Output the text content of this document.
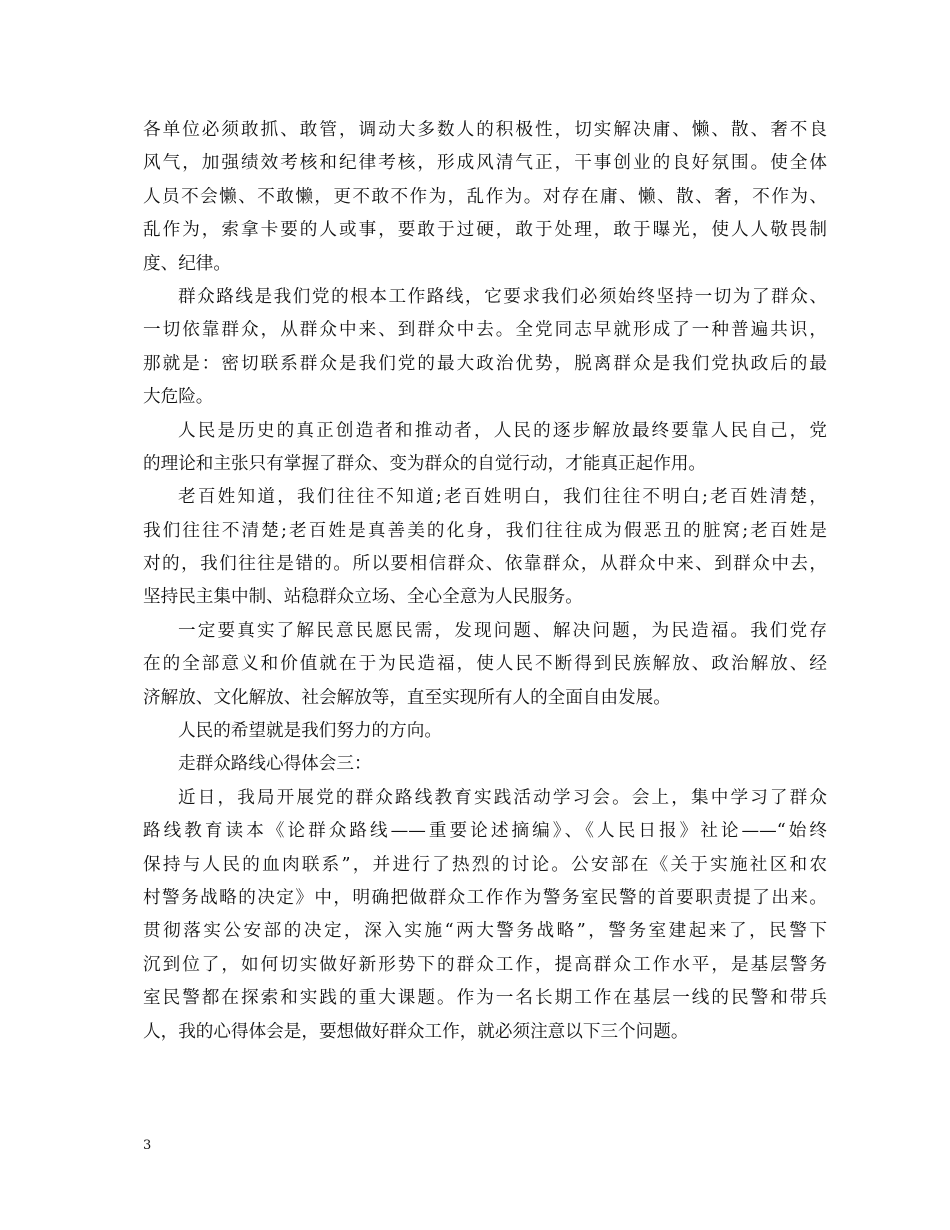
各单位必须敢抓、敢管，调动大多数人的积极性，切实解决庸、懒、散、奢不良
风气，加强绩效考核和纪律考核，形成风清气正，干事创业的良好氛围。使全体
人员不会懒、不敢懒，更不敢不作为，乱作为。对存在庸、懒、散、奢，不作为、
乱作为，索拿卡要的人或事，要敢于过硬，敢于处理，敢于曝光，使人人敬畏制
度、纪律。
群众路线是我们党的根本工作路线，它要求我们必须始终坚持一切为了群众、
一切依靠群众，从群众中来、到群众中去。全党同志早就形成了一种普遍共识，
那就是：密切联系群众是我们党的最大政治优势，脱离群众是我们党执政后的最
大危险。
人民是历史的真正创造者和推动者，人民的逐步解放最终要靠人民自己，党
的理论和主张只有掌握了群众、变为群众的自觉行动，才能真正起作用。
老百姓知道，我们往往不知道;老百姓明白，我们往往不明白;老百姓清楚，
我们往往不清楚;老百姓是真善美的化身，我们往往成为假恶丑的脏窝;老百姓是
对的，我们往往是错的。所以要相信群众、依靠群众，从群众中来、到群众中去，
坚持民主集中制、站稳群众立场、全心全意为人民服务。
一定要真实了解民意民愿民需，发现问题、解决问题，为民造福。我们党存
在的全部意义和价值就在于为民造福，使人民不断得到民族解放、政治解放、经
济解放、文化解放、社会解放等，直至实现所有人的全面自由发展。
人民的希望就是我们努力的方向。
走群众路线心得体会三：
近日，我局开展党的群众路线教育实践活动学习会。会上，集中学习了群众
路线教育读本《论群众路线——重要论述摘编》、《人民日报》社论——“始终
保持与人民的血肉联系”，并进行了热烈的讨论。公安部在《关于实施社区和农
村警务战略的决定》中，明确把做群众工作作为警务室民警的首要职责提了出来。
贯彻落实公安部的决定，深入实施“两大警务战略”，警务室建起来了，民警下
沉到位了，如何切实做好新形势下的群众工作，提高群众工作水平，是基层警务
室民警都在探索和实践的重大课题。作为一名长期工作在基层一线的民警和带兵
人，我的心得体会是，要想做好群众工作，就必须注意以下三个问题。
3
